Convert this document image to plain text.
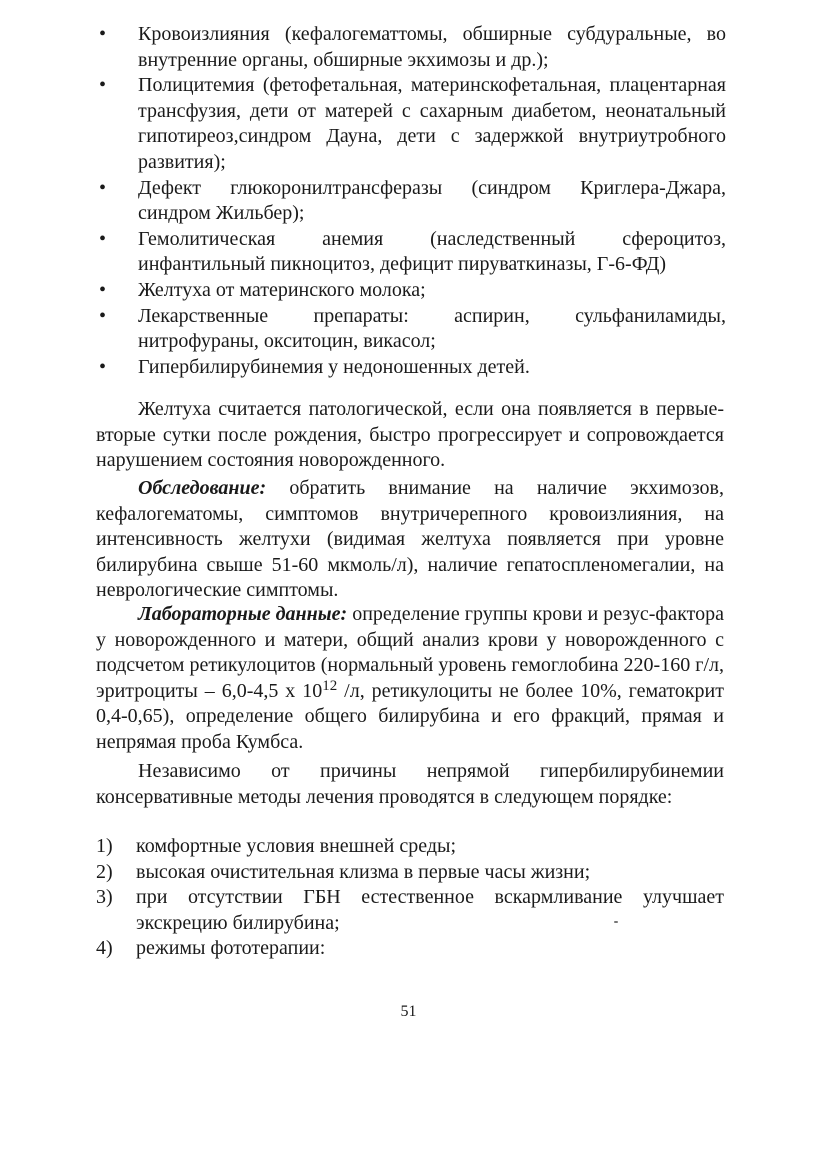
• Кровоизлияния (кефалогематтомы, обширные субдуральные, во внутренние органы, обширные экхимозы и др.);
• Полицитемия (фетофетальная, материнскофетальная, плацентарная трансфузия, дети от матерей с сахарным диабетом, неонатальный гипотиреоз,синдром Дауна, дети с задержкой внутриутробного развития);
• Дефект глюкоронилтрансферазы (синдром Криглера-Джара, синдром Жильбер);
• Гемолитическая анемия (наследственный сфероцитоз, инфантильный пикноцитоз, дефицит пируваткиназы, Г-6-ФД)
• Желтуха от материнского молока;
• Лекарственные препараты: аспирин, сульфаниламиды, нитрофураны, окситоцин, викасол;
• Гипербилирубинемия у недоношенных детей.

Желтуха считается патологической, если она появляется в первые-вторые сутки после рождения, быстро прогрессирует и сопровождается нарушением состояния новорожденного.

Обследование: обратить внимание на наличие экхимозов, кефалогематомы, симптомов внутричерепного кровоизлияния, на интенсивность желтухи (видимая желтуха появляется при уровне билирубина свыше 51-60 мкмоль/л), наличие гепатоспленомегалии, на неврологические симптомы.

Лабораторные данные: определение группы крови и резус-фактора у новорожденного и матери, общий анализ крови у новорожденного с подсчетом ретикулоцитов (нормальный уровень гемоглобина 220-160 г/л, эритроциты – 6,0-4,5 х $10^{12}$ /л, ретикулоциты не более 10%, гематокрит 0,4-0,65), определение общего билирубина и его фракций, прямая и непрямая проба Кумбса.

Независимо от причины непрямой гипербилирубинемии консервативные методы лечения проводятся в следующем порядке:

1) комфортные условия внешней среды;
2) высокая очистительная клизма в первые часы жизни;
3) при отсутствии ГБН естественное вскармливание улучшает экскрецию билирубина;
4) режимы фототерапии:
51
